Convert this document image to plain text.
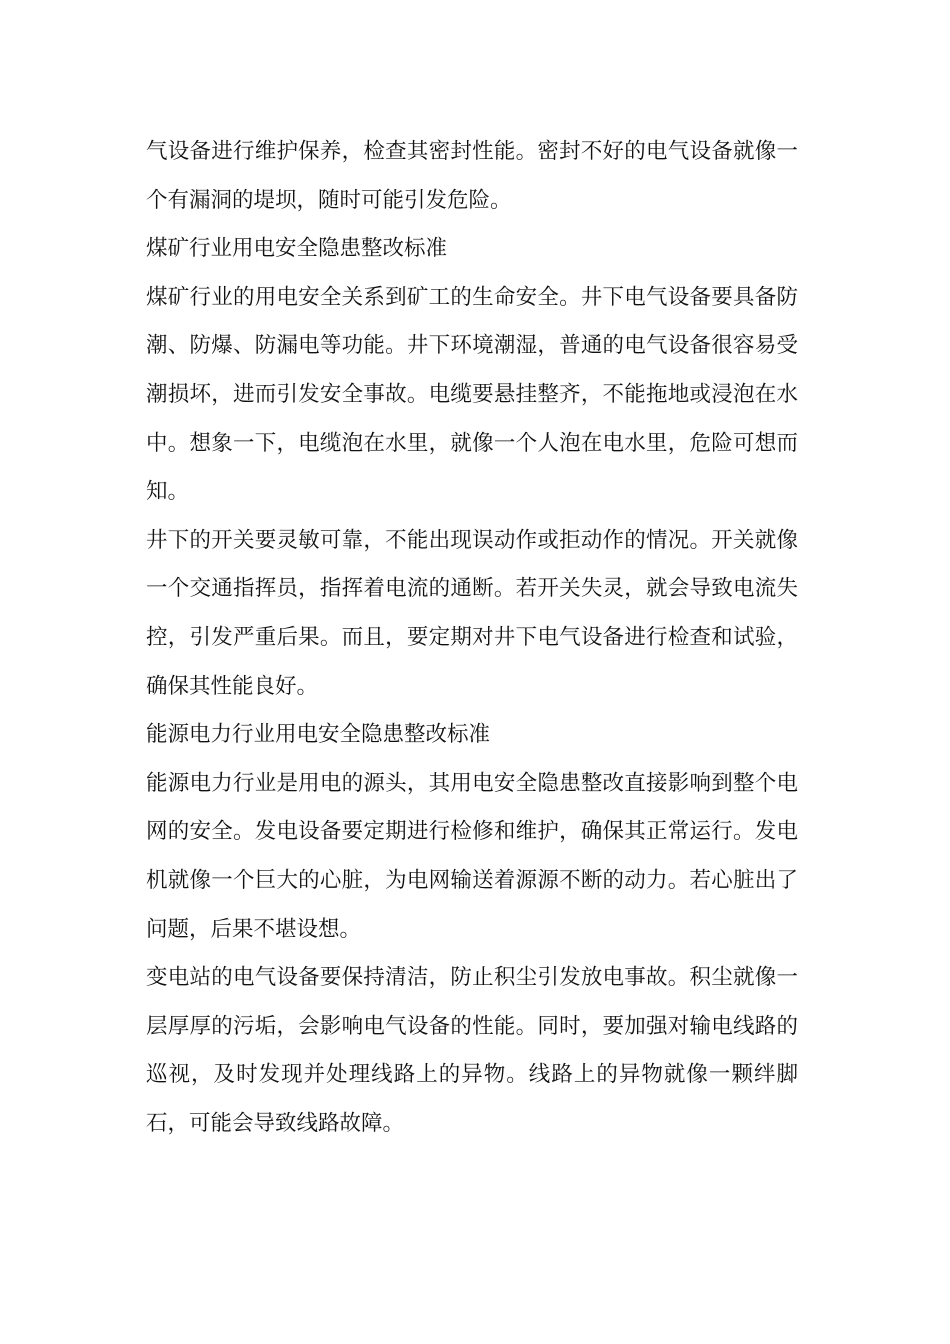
气设备进行维护保养，检查其密封性能。密封不好的电气设备就像一个有漏洞的堤坝，随时可能引发危险。

煤矿行业用电安全隐患整改标准

煤矿行业的用电安全关系到矿工的生命安全。井下电气设备要具备防潮、防爆、防漏电等功能。井下环境潮湿，普通的电气设备很容易受潮损坏，进而引发安全事故。电缆要悬挂整齐，不能拖地或浸泡在水中。想象一下，电缆泡在水里，就像一个人泡在电水里，危险可想而知。

井下的开关要灵敏可靠，不能出现误动作或拒动作的情况。开关就像一个交通指挥员，指挥着电流的通断。若开关失灵，就会导致电流失控，引发严重后果。而且，要定期对井下电气设备进行检查和试验，确保其性能良好。

能源电力行业用电安全隐患整改标准

能源电力行业是用电的源头，其用电安全隐患整改直接影响到整个电网的安全。发电设备要定期进行检修和维护，确保其正常运行。发电机就像一个巨大的心脏，为电网输送着源源不断的动力。若心脏出了问题，后果不堪设想。

变电站的电气设备要保持清洁，防止积尘引发放电事故。积尘就像一层厚厚的污垢，会影响电气设备的性能。同时，要加强对输电线路的巡视，及时发现并处理线路上的异物。线路上的异物就像一颗绊脚石，可能会导致线路故障。
